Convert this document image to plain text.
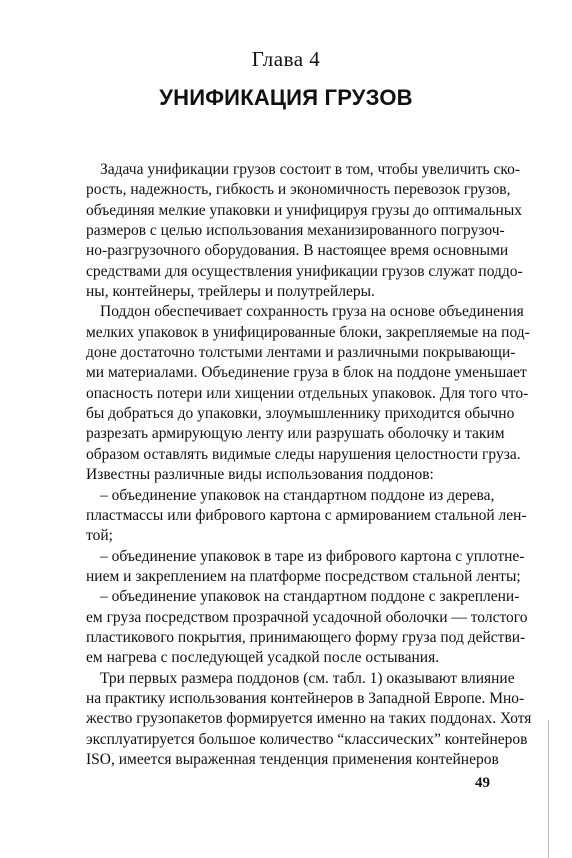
Глава 4
УНИФИКАЦИЯ ГРУЗОВ
Задача унификации грузов состоит в том, чтобы увеличить ско-
рость, надежность, гибкость и экономичность перевозок грузов,
объединяя мелкие упаковки и унифицируя грузы до оптимальных
размеров с целью использования механизированного погрузоч-
но-разгрузочного оборудования. В настоящее время основными
средствами для осуществления унификации грузов служат поддо-
ны, контейнеры, трейлеры и полутрейлеры.
Поддон обеспечивает сохранность груза на основе объединения
мелких упаковок в унифицированные блоки, закрепляемые на под-
доне достаточно толстыми лентами и различными покрывающи-
ми материалами. Объединение груза в блок на поддоне уменьшает
опасность потери или хищении отдельных упаковок. Для того что-
бы добраться до упаковки, злоумышленнику приходится обычно
разрезать армирующую ленту или разрушать оболочку и таким
образом оставлять видимые следы нарушения целостности груза.
Известны различные виды использования поддонов:
– объединение упаковок на стандартном поддоне из дерева,
пластмассы или фибрового картона с армированием стальной лен-
той;
– объединение упаковок в таре из фибрового картона с уплотне-
нием и закреплением на платформе посредством стальной ленты;
– объединение упаковок на стандартном поддоне с закреплени-
ем груза посредством прозрачной усадочной оболочки — толстого
пластикового покрытия, принимающего форму груза под действи-
ем нагрева с последующей усадкой после остывания.
Три первых размера поддонов (см. табл. 1) оказывают влияние
на практику использования контейнеров в Западной Европе. Мно-
жество грузопакетов формируется именно на таких поддонах. Хотя
эксплуатируется большое количество “классических” контейнеров
ISO, имеется выраженная тенденция применения контейнеров
49
